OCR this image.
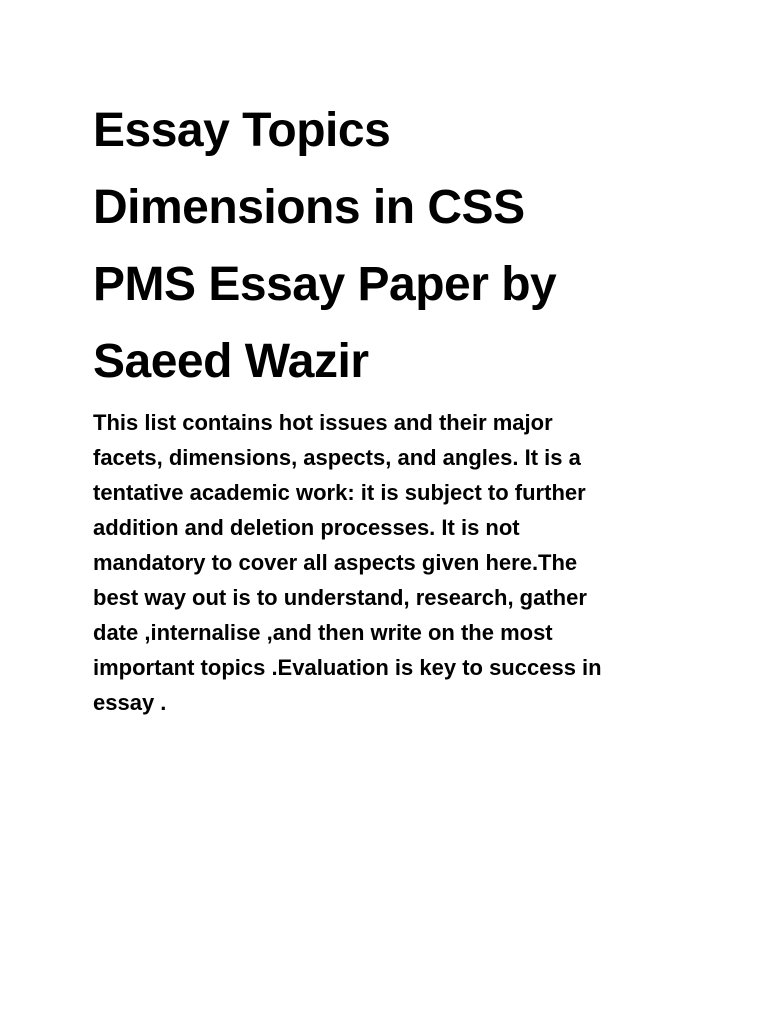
Essay Topics
Dimensions in CSS
PMS Essay Paper by
Saeed Wazir

This list contains hot issues and their major
facets, dimensions, aspects, and angles. It is a
tentative academic work: it is subject to further
addition and deletion processes. It is not
mandatory to cover all aspects given here.The
best way out is to understand, research, gather
date ,internalise ,and then write on the most
important topics .Evaluation is key to success in
essay .
